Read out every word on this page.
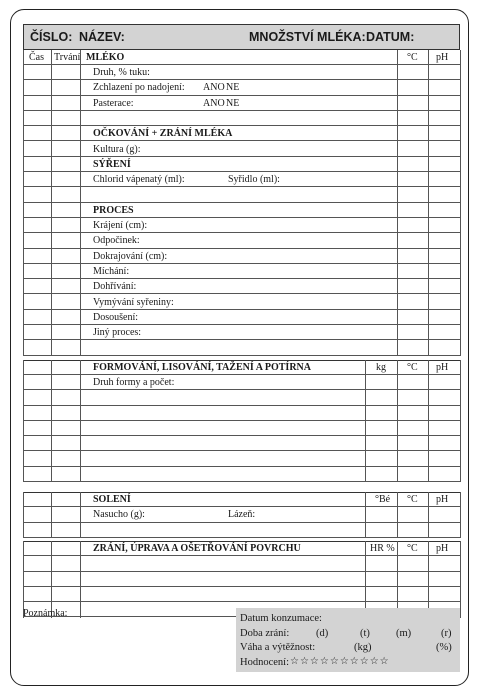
ČÍSLO: NÁZEV:	MNOŽSTVÍ MLÉKA: DATUM:
Čas Trvání MLÉKO	°C pH
Druh, % tuku:
Zchlazení po nadojení: ANO NE
Pasterace:	ANO NE
OČKOVÁNÍ + ZRÁNÍ MLÉKA
Kultura (g):
SÝŘENÍ
Chlorid vápenatý (ml):	Syřidlo (ml):
PROCES
Krájení (cm):
Odpočinek:
Dokrajování (cm):
Míchání:
Dohřívání:
Vymývání syřeniny:
Dosoušení:
Jiný proces:
FORMOVÁNÍ, LISOVÁNÍ, TAŽENÍ A POTÍRNA	kg °C pH
Druh formy a počet:
SOLENÍ	°Bé °C pH
Nasucho (g):	Lázeň:
ZRÁNÍ, ÚPRAVA A OŠETŘOVÁNÍ POVRCHU	HR % °C pH
Poznámka:	Datum konzumace:
Doba zrání:	(d)	(t) (m)	(r)
Váha a výtěžnost:	(kg)	(%)
Hodnocení: ☆☆☆☆☆☆☆☆☆☆
